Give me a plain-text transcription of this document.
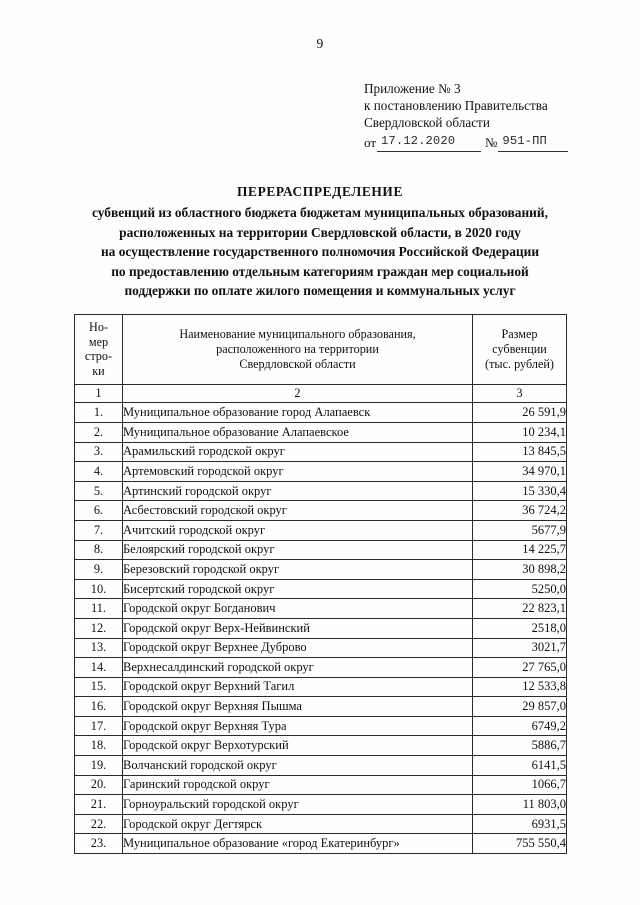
9
Приложение № 3
к постановлению Правительства
Свердловской области
от 17.12.2020	№ 951-ПП
ПЕРЕРАСПРЕДЕЛЕНИЕ
субвенций из областного бюджета бюджетам муниципальных образований,
расположенных на территории Свердловской области, в 2020 году
на осуществление государственного полномочия Российской Федерации
по предоставлению отдельным категориям граждан мер социальной
поддержки по оплате жилого помещения и коммунальных услуг
Но-
мер
стро-
ки

Наименование муниципального образования,
расположенного на территории
Свердловской области

Размер субвенции
(тыс. рублей)

1	2	3
1.	Муниципальное образование город Алапаевск	26 591,9
2.	Муниципальное образование Алапаевское	10 234,1
3.	Арамильский городской округ	13 845,5
4.	Артемовский городской округ	34 970,1
5.	Артинский городской округ	15 330,4
6.	Асбестовский городской округ	36 724,2
7.	Ачитский городской округ	5677,9
8.	Белоярский городской округ	14 225,7
9.	Березовский городской округ	30 898,2
10.	Бисертский городской округ	5250,0
11.	Городской округ Богданович	22 823,1
12.	Городской округ Верх-Нейвинский	2518,0
13.	Городской округ Верхнее Дуброво	3021,7
14.	Верхнесалдинский городской округ	27 765,0
15.	Городской округ Верхний Тагил	12 533,8
16.	Городской округ Верхняя Пышма	29 857,0
17.	Городской округ Верхняя Тура	6749,2
18.	Городской округ Верхотурский	5886,7
19.	Волчанский городской округ	6141,5
20.	Гаринский городской округ	1066,7
21.	Горноуральский городской округ	11 803,0
22.	Городской округ Дегтярск	6931,5
23.	Муниципальное образование «город Екатеринбург»	755 550,4
